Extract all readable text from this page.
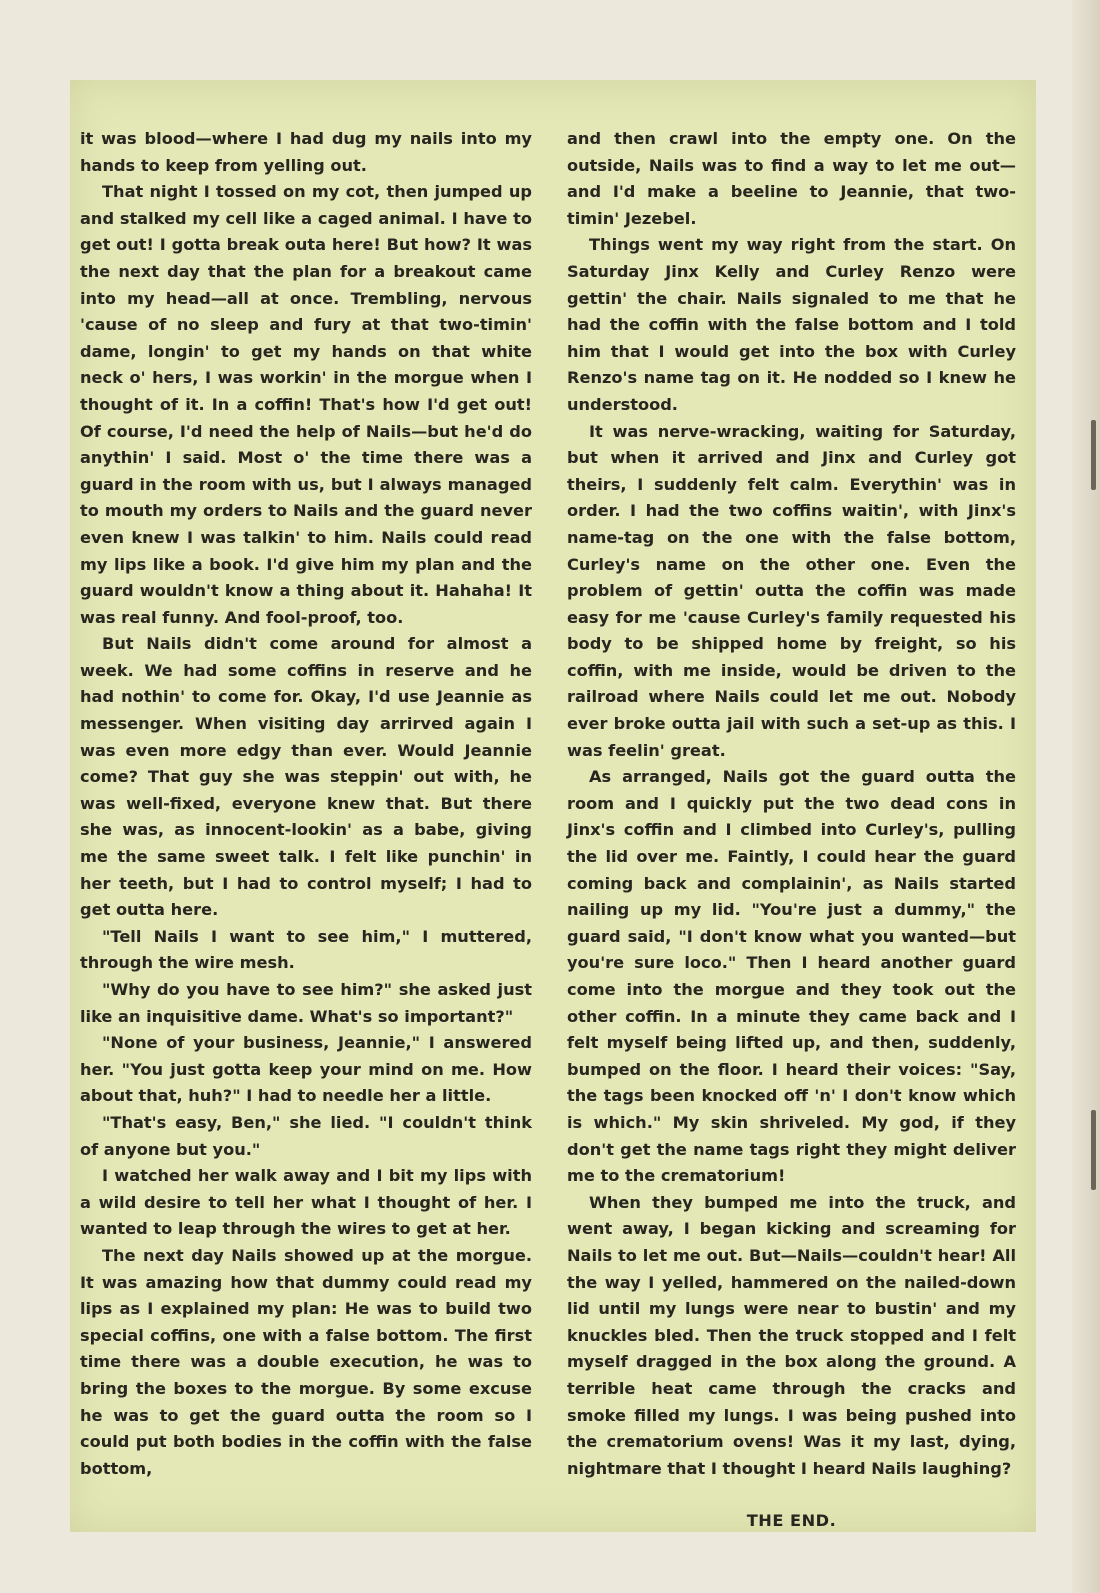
it was blood—where I had dug my nails into my hands to keep from yelling out.

That night I tossed on my cot, then jumped up and stalked my cell like a caged animal. I have to get out! I gotta break outa here! But how? It was the next day that the plan for a breakout came into my head—all at once. Trembling, nervous 'cause of no sleep and fury at that two-timin' dame, longin' to get my hands on that white neck o' hers, I was workin' in the morgue when I thought of it. In a coffin! That's how I'd get out! Of course, I'd need the help of Nails—but he'd do anythin' I said. Most o' the time there was a guard in the room with us, but I always managed to mouth my orders to Nails and the guard never even knew I was talkin' to him. Nails could read my lips like a book. I'd give him my plan and the guard wouldn't know a thing about it. Hahaha! It was real funny. And fool-proof, too.

But Nails didn't come around for almost a week. We had some coffins in reserve and he had nothin' to come for. Okay, I'd use Jeannie as messenger. When visiting day arrirved again I was even more edgy than ever. Would Jeannie come? That guy she was steppin' out with, he was well-fixed, everyone knew that. But there she was, as innocent-lookin' as a babe, giving me the same sweet talk. I felt like punchin' in her teeth, but I had to control myself; I had to get outta here.

"Tell Nails I want to see him," I muttered, through the wire mesh.

"Why do you have to see him?" she asked just like an inquisitive dame. What's so important?"

"None of your business, Jeannie," I answered her. "You just gotta keep your mind on me. How about that, huh?" I had to needle her a little.

"That's easy, Ben," she lied. "I couldn't think of anyone but you."

I watched her walk away and I bit my lips with a wild desire to tell her what I thought of her. I wanted to leap through the wires to get at her.

The next day Nails showed up at the morgue. It was amazing how that dummy could read my lips as I explained my plan: He was to build two special coffins, one with a false bottom. The first time there was a double execution, he was to bring the boxes to the morgue. By some excuse he was to get the guard outta the room so I could put both bodies in the coffin with the false bottom,

and then crawl into the empty one. On the outside, Nails was to find a way to let me out—and I'd make a beeline to Jeannie, that two-timin' Jezebel.

Things went my way right from the start. On Saturday Jinx Kelly and Curley Renzo were gettin' the chair. Nails signaled to me that he had the coffin with the false bottom and I told him that I would get into the box with Curley Renzo's name tag on it. He nodded so I knew he understood.

It was nerve-wracking, waiting for Saturday, but when it arrived and Jinx and Curley got theirs, I suddenly felt calm. Everythin' was in order. I had the two coffins waitin', with Jinx's name-tag on the one with the false bottom, Curley's name on the other one. Even the problem of gettin' outta the coffin was made easy for me 'cause Curley's family requested his body to be shipped home by freight, so his coffin, with me inside, would be driven to the railroad where Nails could let me out. Nobody ever broke outta jail with such a set-up as this. I was feelin' great.

As arranged, Nails got the guard outta the room and I quickly put the two dead cons in Jinx's coffin and I climbed into Curley's, pulling the lid over me. Faintly, I could hear the guard coming back and complainin', as Nails started nailing up my lid. "You're just a dummy," the guard said, "I don't know what you wanted—but you're sure loco." Then I heard another guard come into the morgue and they took out the other coffin. In a minute they came back and I felt myself being lifted up, and then, suddenly, bumped on the floor. I heard their voices: "Say, the tags been knocked off 'n' I don't know which is which." My skin shriveled. My god, if they don't get the name tags right they might deliver me to the crematorium!

When they bumped me into the truck, and went away, I began kicking and screaming for Nails to let me out. But—Nails—couldn't hear! All the way I yelled, hammered on the nailed-down lid until my lungs were near to bustin' and my knuckles bled. Then the truck stopped and I felt myself dragged in the box along the ground. A terrible heat came through the cracks and smoke filled my lungs. I was being pushed into the crematorium ovens! Was it my last, dying, nightmare that I thought I heard Nails laughing?

THE END.
